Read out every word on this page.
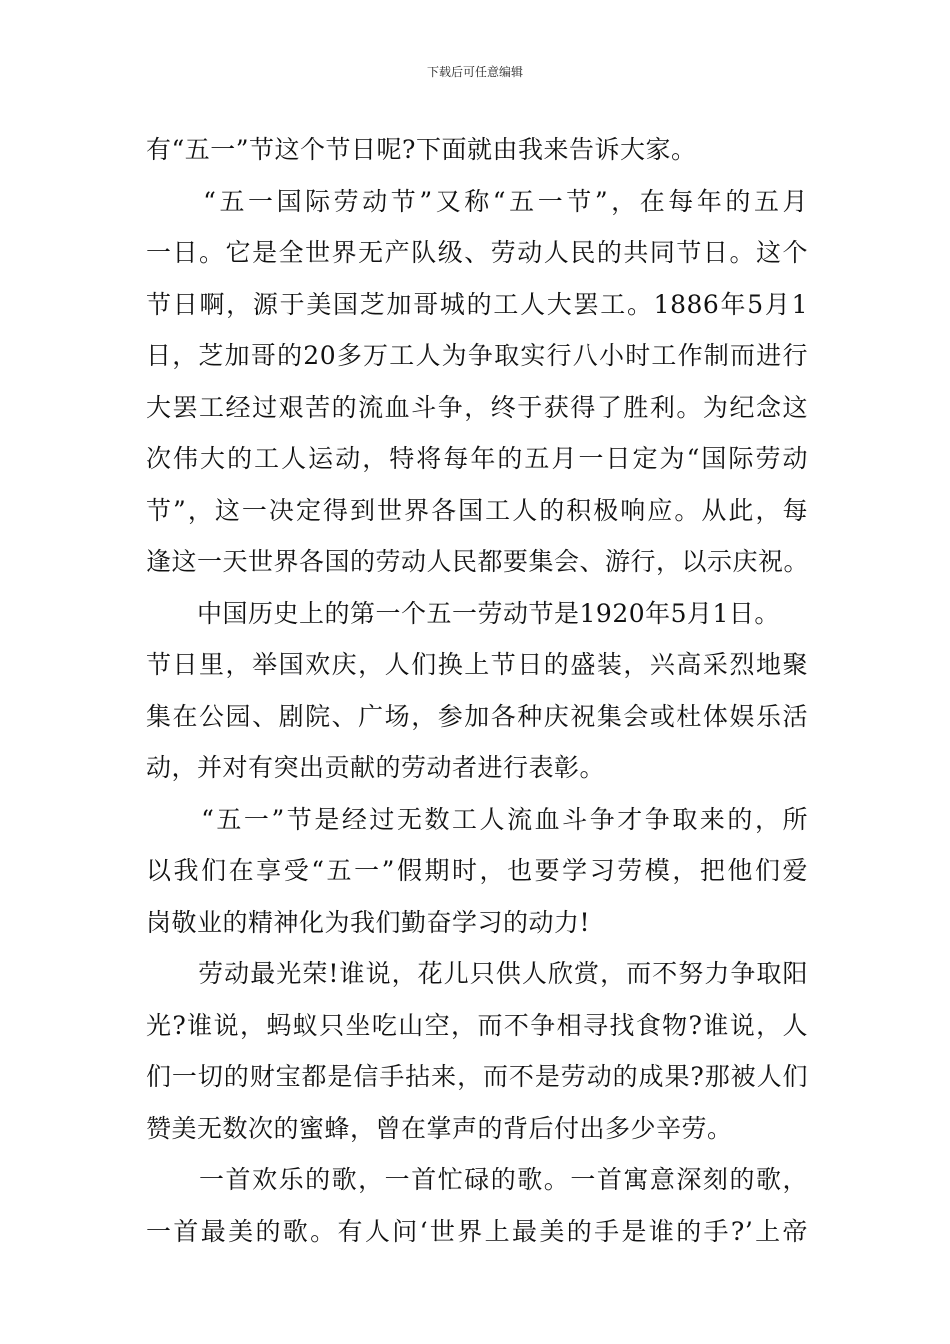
下载后可任意编辑
有“五一”节这个节日呢?下面就由我来告诉大家。
　　“五一国际劳动节”又称“五一节”，在每年的五月
一日。它是全世界无产队级、劳动人民的共同节日。这个
节日啊，源于美国芝加哥城的工人大罢工。1886年5月1
日，芝加哥的20多万工人为争取实行八小时工作制而进行
大罢工经过艰苦的流血斗争，终于获得了胜利。为纪念这
次伟大的工人运动，特将每年的五月一日定为“国际劳动
节”，这一决定得到世界各国工人的积极响应。从此，每
逢这一天世界各国的劳动人民都要集会、游行，以示庆祝。
　　中国历史上的第一个五一劳动节是1920年5月1日。
节日里，举国欢庆，人们换上节日的盛装，兴高采烈地聚
集在公园、剧院、广场，参加各种庆祝集会或杜体娱乐活
动，并对有突出贡献的劳动者进行表彰。
　　“五一”节是经过无数工人流血斗争才争取来的，所
以我们在享受“五一”假期时，也要学习劳模，把他们爱
岗敬业的精神化为我们勤奋学习的动力!
　　劳动最光荣!谁说，花儿只供人欣赏，而不努力争取阳
光?谁说，蚂蚁只坐吃山空，而不争相寻找食物?谁说，人
们一切的财宝都是信手拈来，而不是劳动的成果?那被人们
赞美无数次的蜜蜂，曾在掌声的背后付出多少辛劳。
　　一首欢乐的歌，一首忙碌的歌。一首寓意深刻的歌，
一首最美的歌。有人问‘世界上最美的手是谁的手?’上帝
